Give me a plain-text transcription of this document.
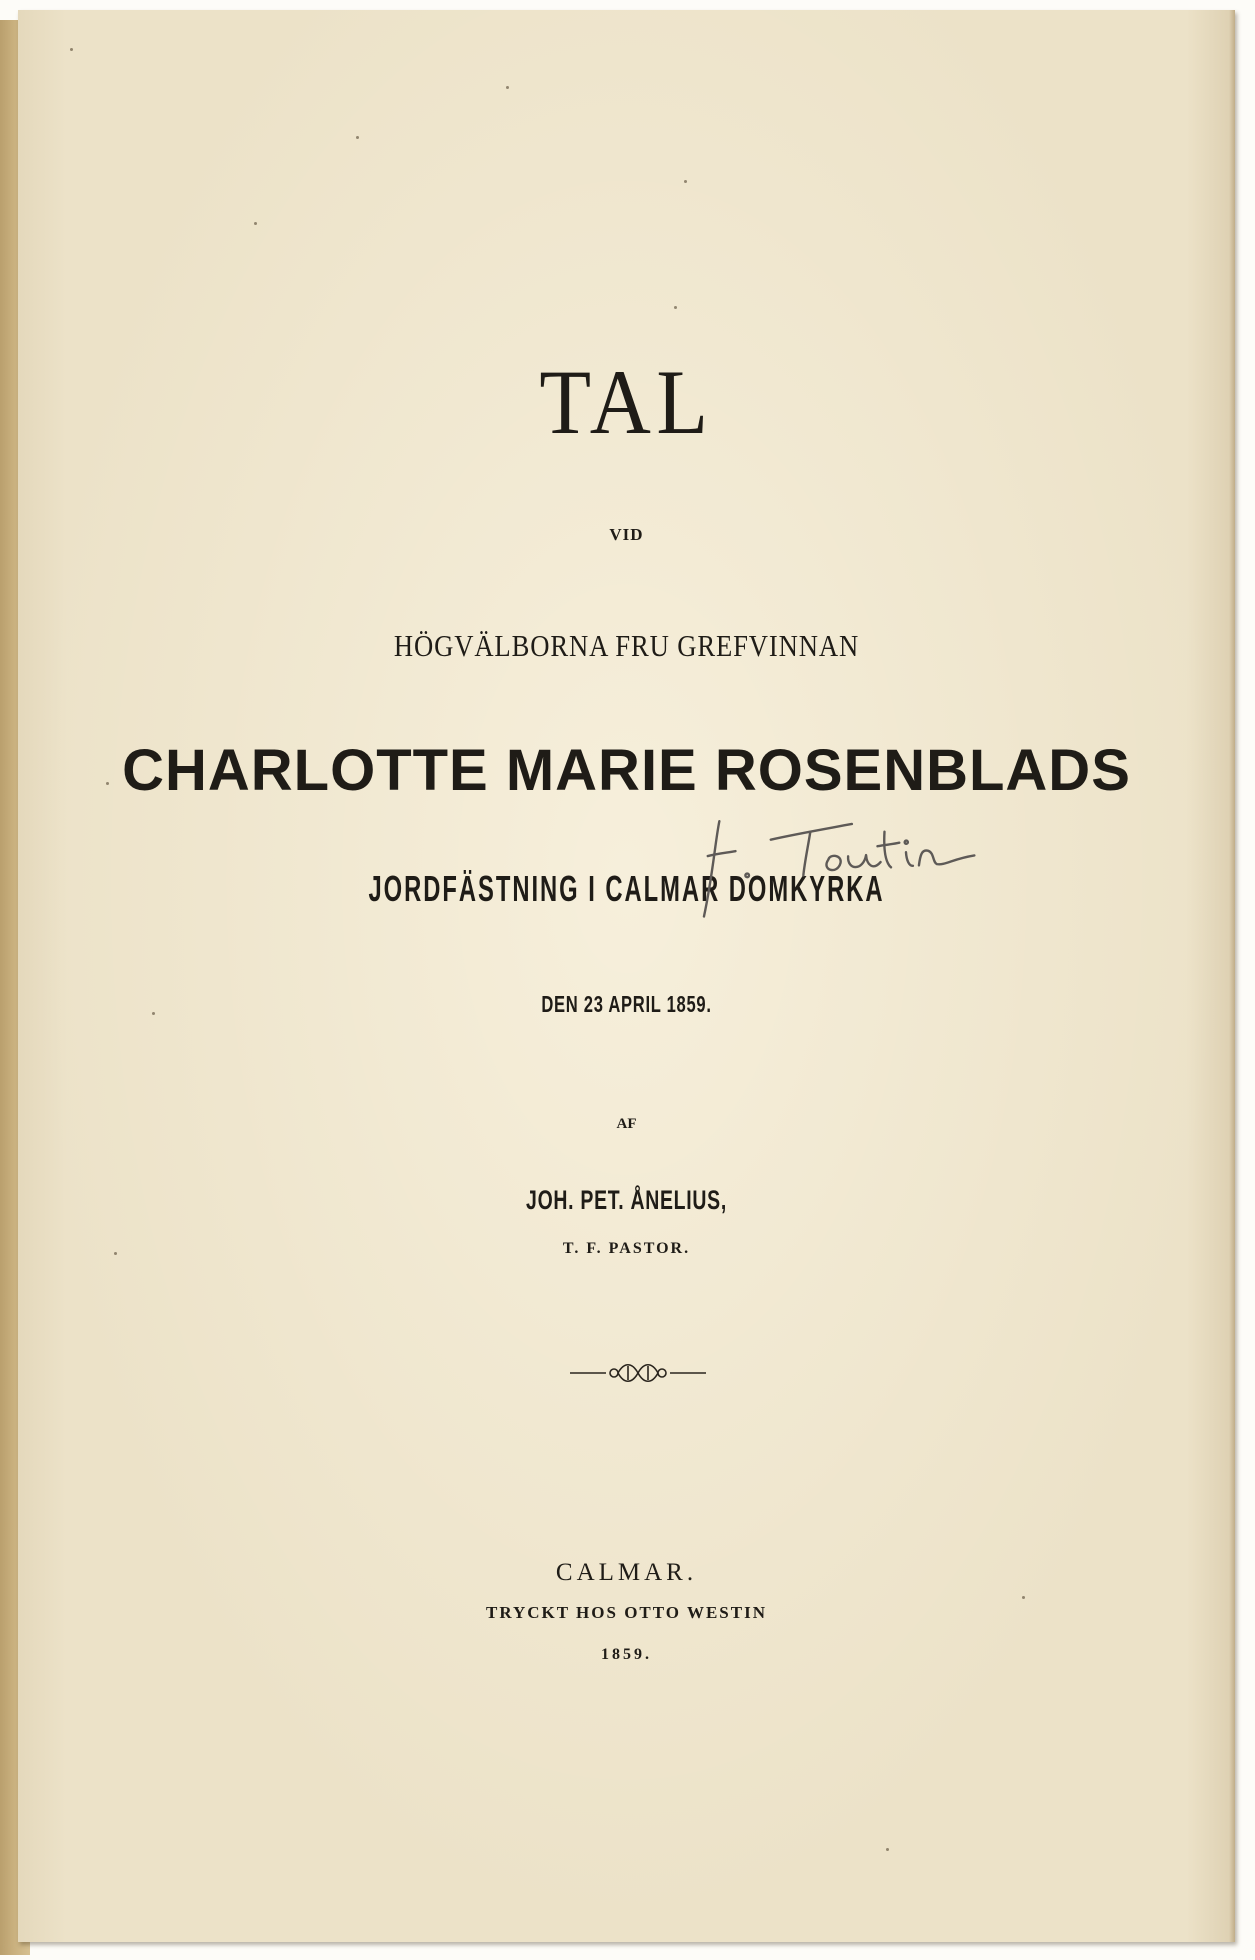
TAL
VID
HÖGVÄLBORNA FRU GREFVINNAN
CHARLOTTE MARIE ROSENBLADS
JORDFÄSTNING I CALMAR DOMKYRKA
DEN 23 APRIL 1859.
AF
JOH. PET. ÅNELIUS,
T. F. PASTOR.
CALMAR.
TRYCKT HOS OTTO WESTIN
1859.
